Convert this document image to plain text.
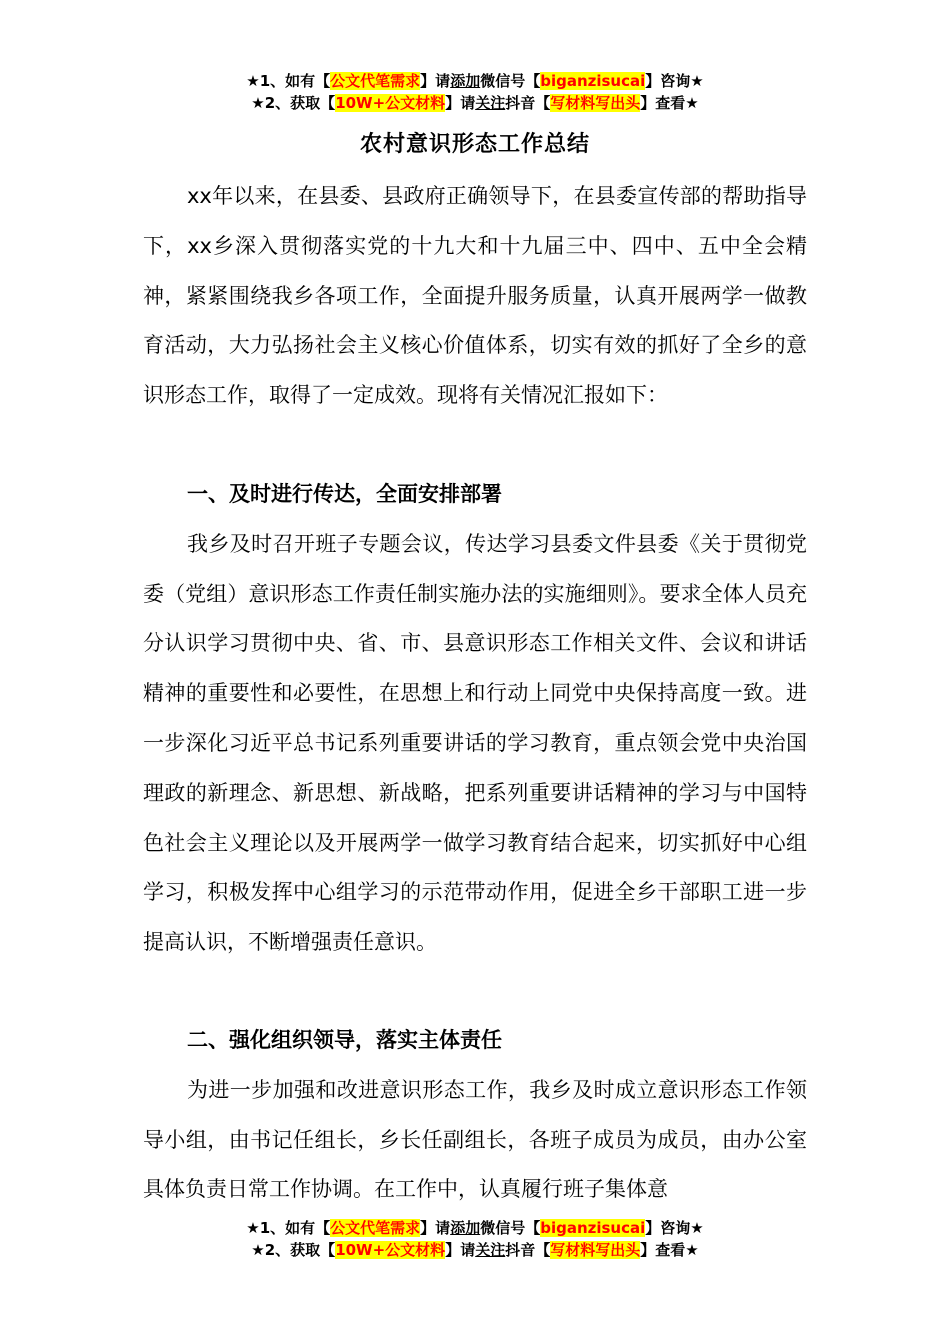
★1、如有【公文代笔需求】请添加微信号【biganzisucai】咨询★
★2、获取【10W+公文材料】请关注抖音【写材料写出头】查看★
农村意识形态工作总结

xx年以来，在县委、县政府正确领导下，在县委宣传部的帮助指导下，xx乡深入贯彻落实党的十九大和十九届三中、四中、五中全会精神，紧紧围绕我乡各项工作，全面提升服务质量，认真开展两学一做教育活动，大力弘扬社会主义核心价值体系，切实有效的抓好了全乡的意识形态工作，取得了一定成效。现将有关情况汇报如下：

一、及时进行传达，全面安排部署

我乡及时召开班子专题会议，传达学习县委文件县委《关于贯彻党委（党组）意识形态工作责任制实施办法的实施细则》。要求全体人员充分认识学习贯彻中央、省、市、县意识形态工作相关文件、会议和讲话精神的重要性和必要性，在思想上和行动上同党中央保持高度一致。进一步深化习近平总书记系列重要讲话的学习教育，重点领会党中央治国理政的新理念、新思想、新战略，把系列重要讲话精神的学习与中国特色社会主义理论以及开展两学一做学习教育结合起来，切实抓好中心组学习，积极发挥中心组学习的示范带动作用，促进全乡干部职工进一步提高认识，不断增强责任意识。

二、强化组织领导，落实主体责任

为进一步加强和改进意识形态工作，我乡及时成立意识形态工作领导小组，由书记任组长，乡长任副组长，各班子成员为成员，由办公室具体负责日常工作协调。在工作中，认真履行班子集体意

★1、如有【公文代笔需求】请添加微信号【biganzisucai】咨询★
★2、获取【10W+公文材料】请关注抖音【写材料写出头】查看★
